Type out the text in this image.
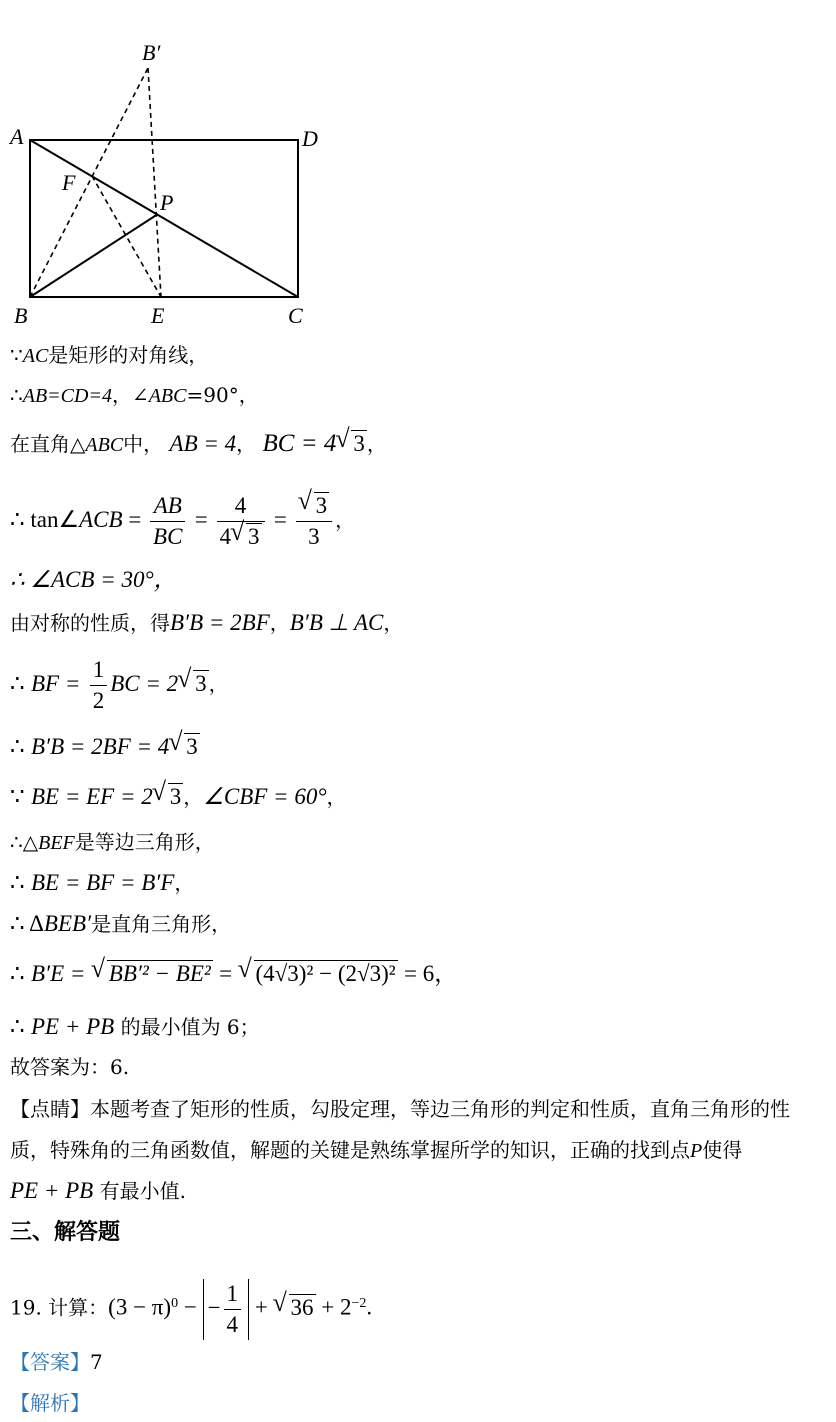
B′
A	D
F
P
B	E	C
∵AC是矩形的对角线，
∴AB=CD=4，∠ABC=90°，
在直角△ABC中， AB = 4， BC = 4 √ 3 ，
∴ tan∠ACB = $\frac{AB}{BC} = \frac{4}{4 √ 3}$ = √ $\frac{3}{3}$ ，
∴ ∠ACB = 30°，
由对称的性质，得B′B = 2BF，B′B ⊥ AC，
∴ BF = $\frac{1}{2}$ BC = 2 √ 3 ，
∴ B′B = 2BF = 4 √ 3
∵ BE = EF = 2 √ 3 ，∠CBF = 60°，
∴△BEF是等边三角形，
∴ BE = BF = B′F，
∴ ΔBEB′是直角三角形，
∴ B′E = √ BB′² − BE² = √ (4√3)² − (2√3)² = 6，
∴ PE + PB 的最小值为 6；
故答案为：6.
【点睛】本题考查了矩形的性质，勾股定理，等边三角形的判定和性质，直角三角形的性
质，特殊角的三角函数值，解题的关键是熟练掌握所学的知识，正确的找到点P使得
PE + PB 有最小值.
三、解答题
19. 计算：$(3 - \pi)^0$ − − $\frac{1}{4}$ + √ $36 + 2^{-2}$.
【答案】7
【解析】
